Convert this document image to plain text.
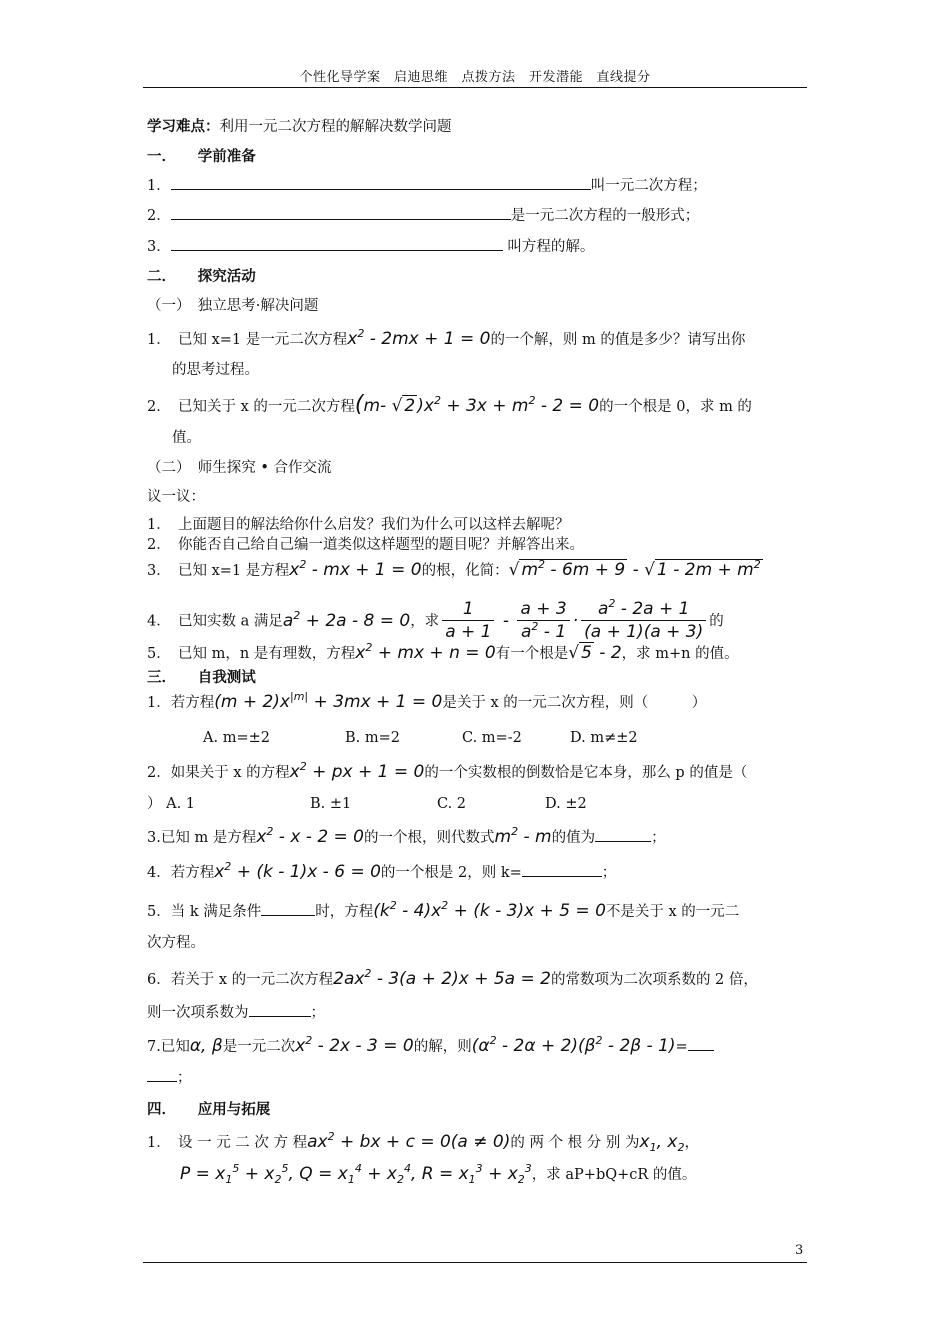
个性化导学案　启迪思维　点拨方法　开发潜能　直线提分
学习难点：利用一元二次方程的解解决数学问题
一．　　学前准备
1．	叫一元二次方程；
2．	是一元二次方程的一般形式；
3．	叫方程的解。
二．　　探究活动
（一）　独立思考·解决问题
1．　已知 x=1 是一元二次方程$x^2 - 2mx + 1 = 0$的一个解，则 m 的值是多少？请写出你
的思考过程。
2．　已知关于 x 的一元二次方程(m- √ 2 )$x^2 + 3x + m^2 - 2 = 0$的一个根是 0，求 m 的
值。
（二）　师生探究 • 合作交流
议一议：
1．　上面题目的解法给你什么启发？我们为什么可以这样去解呢？
2．　你能否自己给自己编一道类似这样题型的题目呢？并解答出来。
3．　已知 x=1 是方程$x^2$ - mx + 1 = 0的根，化简：√ $m^2 - 6m + 9$ - √ $1 - 2m + m^2$
4．　已知实数 a 满足$a^2 + 2a - 8 = 0$，求 $\frac{1}{a + 1} - \frac{a + 3}{a^2 - 1} \cdot \frac{a^2 - 2a + 1}{(a + 1)(a + 3)}$ 的
5．　已知 m，n 是有理数，方程$x^2$ + mx + n = 0有一个根是√ 5 - 2，求 m+n 的值。
三．　　自我测试
1．若方程$(m + 2)x^{|m|} + 3mx + 1 = 0$是关于 x 的一元二次方程，则（　　　）
A. m=±2	B. m=2	C. m=-2	D. m≠±2
2．如果关于 x 的方程$x^2$ + px + 1 = 0的一个实数根的倒数恰是它本身，那么 p 的值是（
） A. 1	B. ±1	C. 2	D. ±2
3.已知 m 是方程$x^2 - x - 2 = 0$的一个根，则代数式$m^2$ - m的值为	；
4．若方程$x^2 + (k - 1)x - 6 = 0$的一个根是 2，则 k=	；
5．当 k 满足条件	时，方程$(k^2 - 4)x^2 + (k - 3)x + 5 = 0$不是关于 x 的一元二
次方程。
6．若关于 x 的一元二次方程$2ax^2 - 3(a + 2)x + 5a = 2$的常数项为二次项系数的 2 倍，
则一次项系数为	；
7.已知α, β是一元二次$x^2 - 2x - 3 = 0$的解，则$(\alpha^2 - 2\alpha + 2)(\beta^2 - 2\beta - 1)=$
；
四．　　应用与拓展
1．　设 一 元 二 次 方 程$ax^2$ + bx + c = 0(a ≠ 0)的 两 个 根 分 别 为$x_1$, $x_2$，
$P = x_1^5 + x_2^5$, $Q = x_1^4 + x_2^4$, $R = x_1^3 + x_2^3$，求 aP+bQ+cR 的值。
3
